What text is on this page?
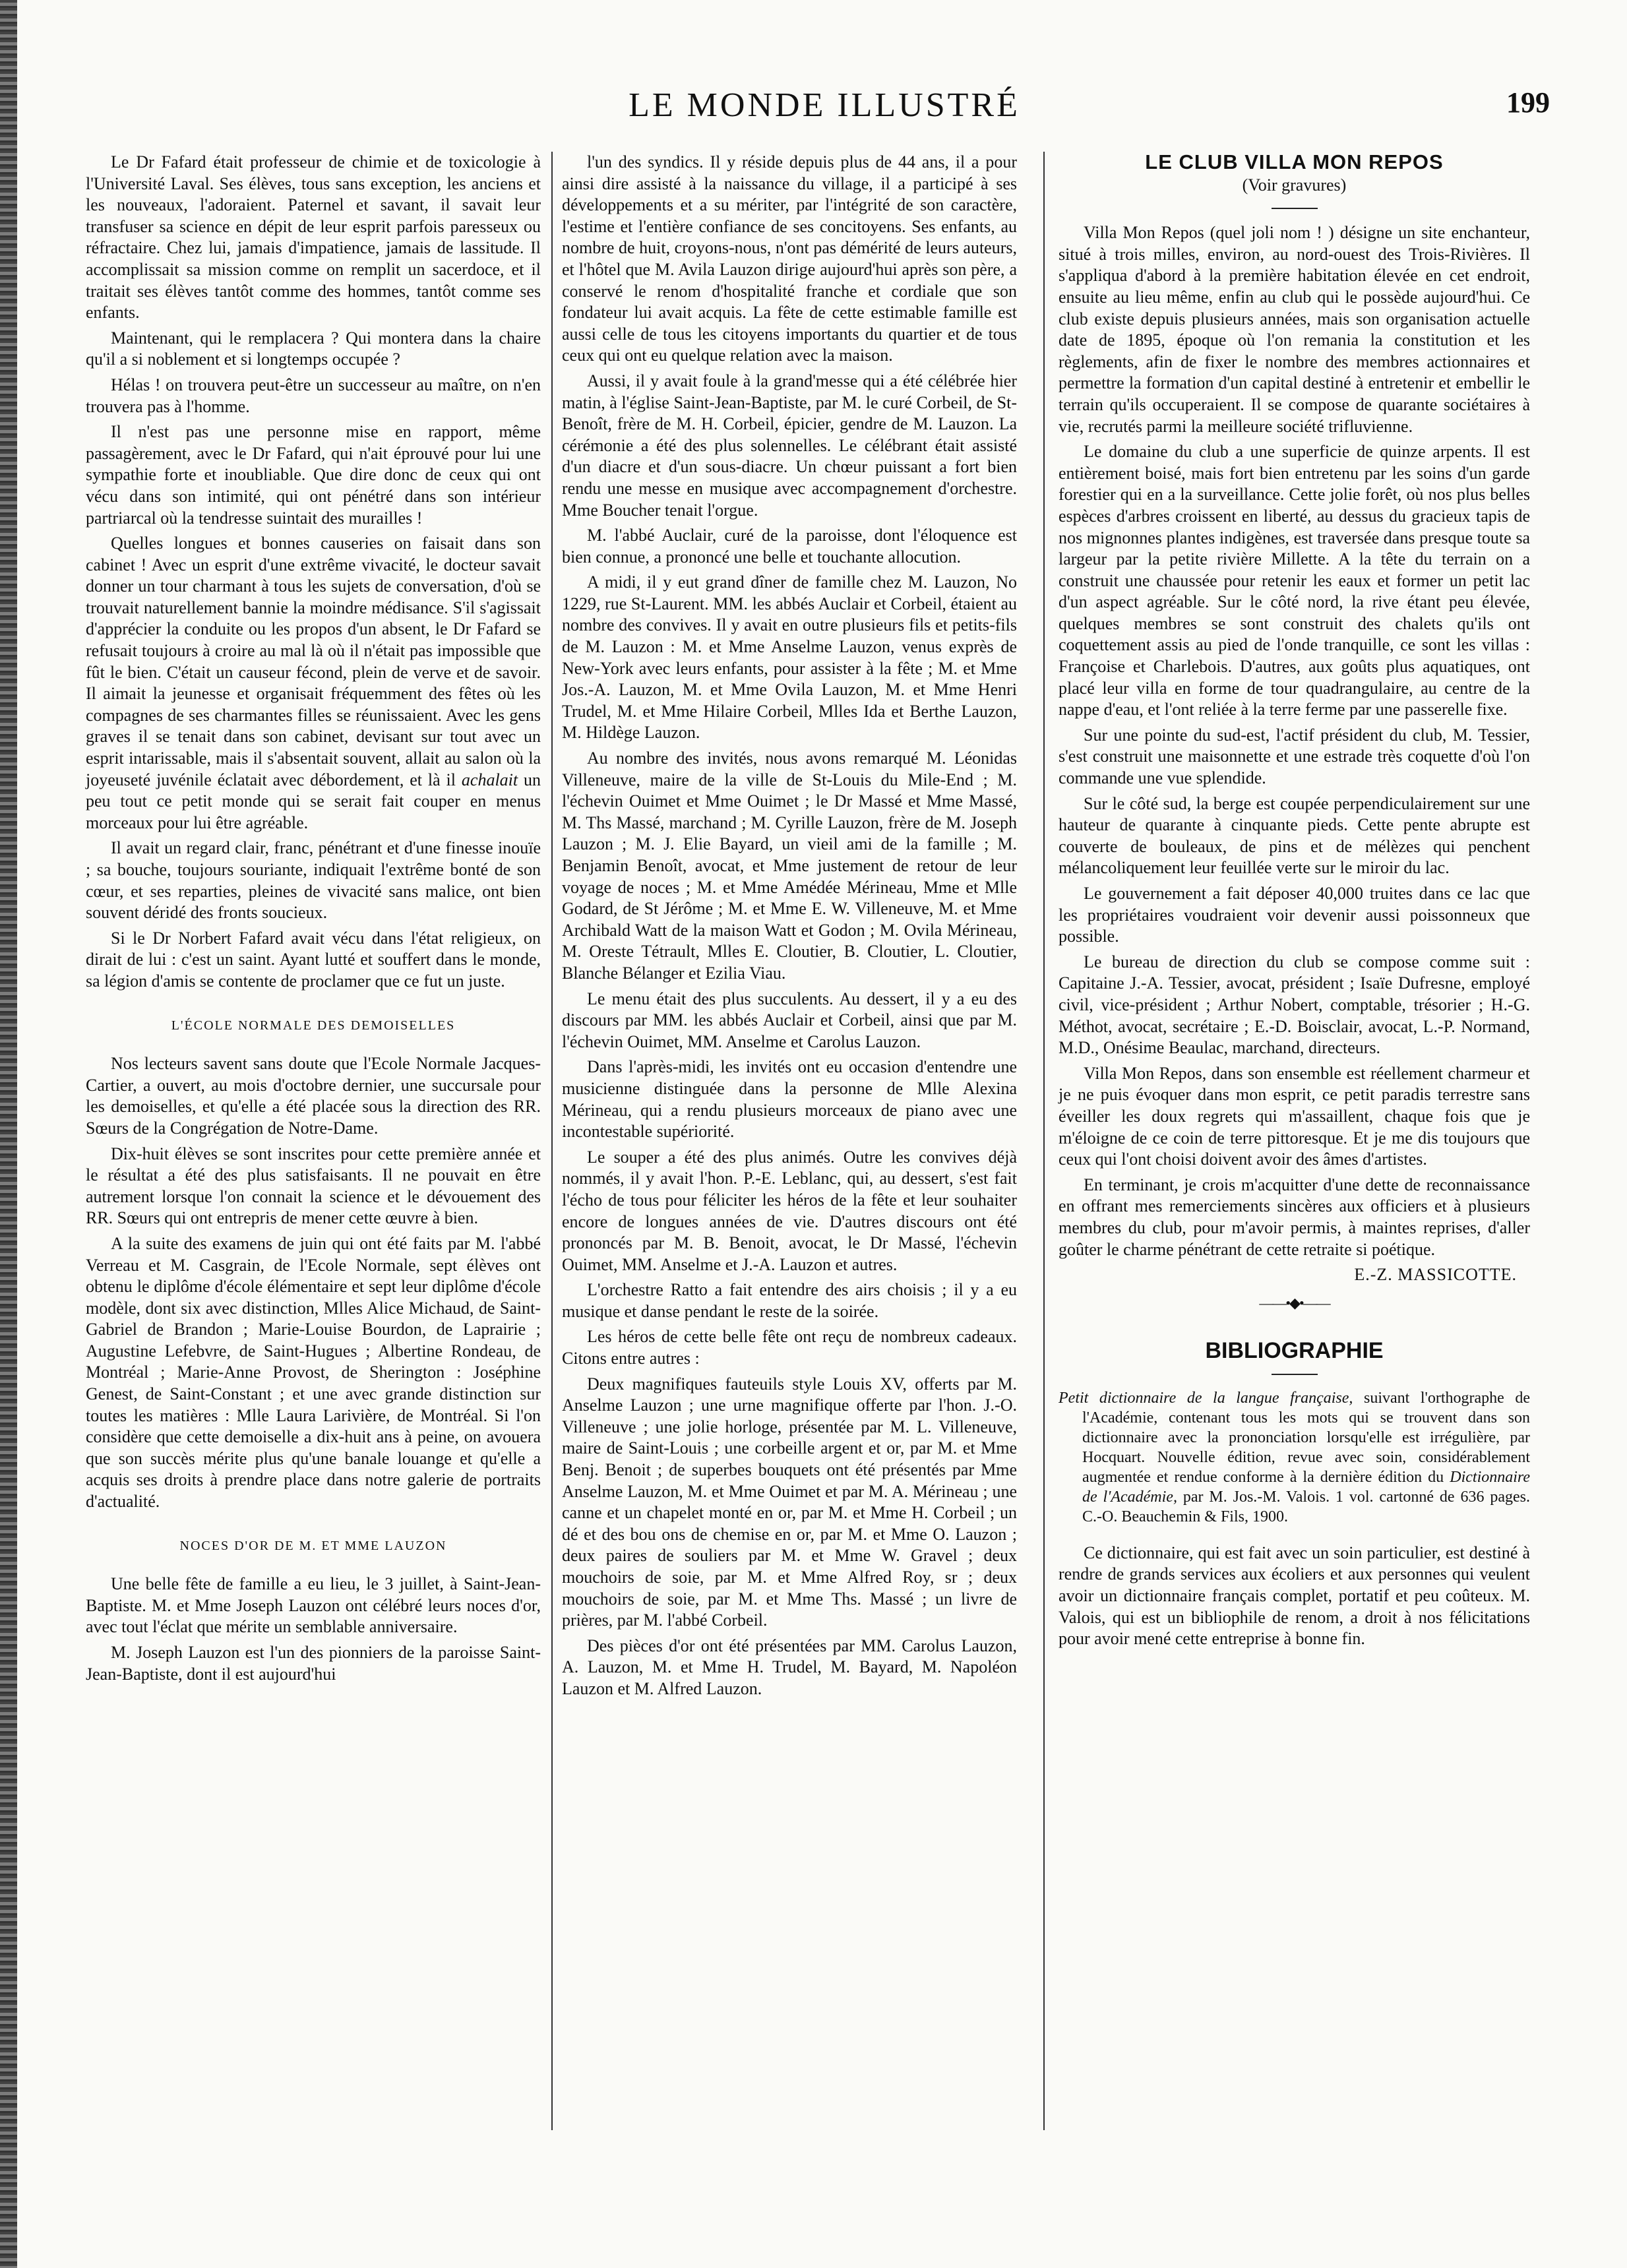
LE MONDE ILLUSTRÉ	199

Le Dr Fafard était professeur de chimie et de toxicologie à l'Université Laval. Ses élèves, tous sans exception, les anciens et les nouveaux, l'adoraient. Paternel et savant, il savait leur transfuser sa science en dépit de leur esprit parfois paresseux ou réfractaire. Chez lui, jamais d'impatience, jamais de lassitude. Il accomplissait sa mission comme on remplit un sacerdoce, et il traitait ses élèves tantôt comme des hommes, tantôt comme ses enfants.

Maintenant, qui le remplacera ? Qui montera dans la chaire qu'il a si noblement et si longtemps occupée ?

Hélas ! on trouvera peut-être un successeur au maître, on n'en trouvera pas à l'homme.

Il n'est pas une personne mise en rapport, même passagèrement, avec le Dr Fafard, qui n'ait éprouvé pour lui une sympathie forte et inoubliable. Que dire donc de ceux qui ont vécu dans son intimité, qui ont pénétré dans son intérieur partriarcal où la tendresse suintait des murailles !

Quelles longues et bonnes causeries on faisait dans son cabinet ! Avec un esprit d'une extrême vivacité, le docteur savait donner un tour charmant à tous les sujets de conversation, d'où se trouvait naturellement bannie la moindre médisance. S'il s'agissait d'apprécier la conduite ou les propos d'un absent, le Dr Fafard se refusait toujours à croire au mal là où il n'était pas impossible que fût le bien. C'était un causeur fécond, plein de verve et de savoir. Il aimait la jeunesse et organisait fréquemment des fêtes où les compagnes de ses charmantes filles se réunissaient. Avec les gens graves il se tenait dans son cabinet, devisant sur tout avec un esprit intarissable, mais il s'absentait souvent, allait au salon où la joyeuseté juvénile éclatait avec débordement, et là il achalait un peu tout ce petit monde qui se serait fait couper en menus morceaux pour lui être agréable.

Il avait un regard clair, franc, pénétrant et d'une finesse inouïe ; sa bouche, toujours souriante, indiquait l'extrême bonté de son cœur, et ses reparties, pleines de vivacité sans malice, ont bien souvent déridé des fronts soucieux.

Si le Dr Norbert Fafard avait vécu dans l'état religieux, on dirait de lui : c'est un saint. Ayant lutté et souffert dans le monde, sa légion d'amis se contente de proclamer que ce fut un juste.

L'ÉCOLE NORMALE DES DEMOISELLES

Nos lecteurs savent sans doute que l'Ecole Normale Jacques-Cartier, a ouvert, au mois d'octobre dernier, une succursale pour les demoiselles, et qu'elle a été placée sous la direction des RR. Sœurs de la Congrégation de Notre-Dame.

Dix-huit élèves se sont inscrites pour cette première année et le résultat a été des plus satisfaisants. Il ne pouvait en être autrement lorsque l'on connait la science et le dévouement des RR. Sœurs qui ont entrepris de mener cette œuvre à bien.

A la suite des examens de juin qui ont été faits par M. l'abbé Verreau et M. Casgrain, de l'Ecole Normale, sept élèves ont obtenu le diplôme d'école élémentaire et sept leur diplôme d'école modèle, dont six avec distinction, Mlles Alice Michaud, de Saint-Gabriel de Brandon ; Marie-Louise Bourdon, de Laprairie ; Augustine Lefebvre, de Saint-Hugues ; Albertine Rondeau, de Montréal ; Marie-Anne Provost, de Sherington : Joséphine Genest, de Saint-Constant ; et une avec grande distinction sur toutes les matières : Mlle Laura Larivière, de Montréal. Si l'on considère que cette demoiselle a dix-huit ans à peine, on avouera que son succès mérite plus qu'une banale louange et qu'elle a acquis ses droits à prendre place dans notre galerie de portraits d'actualité.

NOCES D'OR DE M. ET MME LAUZON

Une belle fête de famille a eu lieu, le 3 juillet, à Saint-Jean-Baptiste. M. et Mme Joseph Lauzon ont célébré leurs noces d'or, avec tout l'éclat que mérite un semblable anniversaire.

M. Joseph Lauzon est l'un des pionniers de la paroisse Saint-Jean-Baptiste, dont il est aujourd'hui

l'un des syndics. Il y réside depuis plus de 44 ans, il a pour ainsi dire assisté à la naissance du village, il a participé à ses développements et a su mériter, par l'intégrité de son caractère, l'estime et l'entière confiance de ses concitoyens. Ses enfants, au nombre de huit, croyons-nous, n'ont pas démérité de leurs auteurs, et l'hôtel que M. Avila Lauzon dirige aujourd'hui après son père, a conservé le renom d'hospitalité franche et cordiale que son fondateur lui avait acquis. La fête de cette estimable famille est aussi celle de tous les citoyens importants du quartier et de tous ceux qui ont eu quelque relation avec la maison.

Aussi, il y avait foule à la grand'messe qui a été célébrée hier matin, à l'église Saint-Jean-Baptiste, par M. le curé Corbeil, de St-Benoît, frère de M. H. Corbeil, épicier, gendre de M. Lauzon. La cérémonie a été des plus solennelles. Le célébrant était assisté d'un diacre et d'un sous-diacre. Un chœur puissant a fort bien rendu une messe en musique avec accompagnement d'orchestre. Mme Boucher tenait l'orgue.

M. l'abbé Auclair, curé de la paroisse, dont l'éloquence est bien connue, a prononcé une belle et touchante allocution.

A midi, il y eut grand dîner de famille chez M. Lauzon, No 1229, rue St-Laurent. MM. les abbés Auclair et Corbeil, étaient au nombre des convives. Il y avait en outre plusieurs fils et petits-fils de M. Lauzon : M. et Mme Anselme Lauzon, venus exprès de New-York avec leurs enfants, pour assister à la fête ; M. et Mme Jos.-A. Lauzon, M. et Mme Ovila Lauzon, M. et Mme Henri Trudel, M. et Mme Hilaire Corbeil, Mlles Ida et Berthe Lauzon, M. Hildège Lauzon.

Au nombre des invités, nous avons remarqué M. Léonidas Villeneuve, maire de la ville de St-Louis du Mile-End ; M. l'échevin Ouimet et Mme Ouimet ; le Dr Massé et Mme Massé, M. Ths Massé, marchand ; M. Cyrille Lauzon, frère de M. Joseph Lauzon ; M. J. Elie Bayard, un vieil ami de la famille ; M. Benjamin Benoît, avocat, et Mme justement de retour de leur voyage de noces ; M. et Mme Amédée Mérineau, Mme et Mlle Godard, de St Jérôme ; M. et Mme E. W. Villeneuve, M. et Mme Archibald Watt de la maison Watt et Godon ; M. Ovila Mérineau, M. Oreste Tétrault, Mlles E. Cloutier, B. Cloutier, L. Cloutier, Blanche Bélanger et Ezilia Viau.

Le menu était des plus succulents. Au dessert, il y a eu des discours par MM. les abbés Auclair et Corbeil, ainsi que par M. l'échevin Ouimet, MM. Anselme et Carolus Lauzon.

Dans l'après-midi, les invités ont eu occasion d'entendre une musicienne distinguée dans la personne de Mlle Alexina Mérineau, qui a rendu plusieurs morceaux de piano avec une incontestable supériorité.

Le souper a été des plus animés. Outre les convives déjà nommés, il y avait l'hon. P.-E. Leblanc, qui, au dessert, s'est fait l'écho de tous pour féliciter les héros de la fête et leur souhaiter encore de longues années de vie. D'autres discours ont été prononcés par M. B. Benoit, avocat, le Dr Massé, l'échevin Ouimet, MM. Anselme et J.-A. Lauzon et autres.

L'orchestre Ratto a fait entendre des airs choisis ; il y a eu musique et danse pendant le reste de la soirée.

Les héros de cette belle fête ont reçu de nombreux cadeaux. Citons entre autres :

Deux magnifiques fauteuils style Louis XV, offerts par M. Anselme Lauzon ; une urne magnifique offerte par l'hon. J.-O. Villeneuve ; une jolie horloge, présentée par M. L. Villeneuve, maire de Saint-Louis ; une corbeille argent et or, par M. et Mme Benj. Benoit ; de superbes bouquets ont été présentés par Mme Anselme Lauzon, M. et Mme Ouimet et par M. A. Mérineau ; une canne et un chapelet monté en or, par M. et Mme H. Corbeil ; un dé et des bou ons de chemise en or, par M. et Mme O. Lauzon ; deux paires de souliers par M. et Mme W. Gravel ; deux mouchoirs de soie, par M. et Mme Alfred Roy, sr ; deux mouchoirs de soie, par M. et Mme Ths. Massé ; un livre de prières, par M. l'abbé Corbeil.

Des pièces d'or ont été présentées par MM. Carolus Lauzon, A. Lauzon, M. et Mme H. Trudel, M. Bayard, M. Napoléon Lauzon et M. Alfred Lauzon.

LE CLUB VILLA MON REPOS
(Voir gravures)

Villa Mon Repos (quel joli nom ! ) désigne un site enchanteur, situé à trois milles, environ, au nord-ouest des Trois-Rivières. Il s'appliqua d'abord à la première habitation élevée en cet endroit, ensuite au lieu même, enfin au club qui le possède aujourd'hui. Ce club existe depuis plusieurs années, mais son organisation actuelle date de 1895, époque où l'on remania la constitution et les règlements, afin de fixer le nombre des membres actionnaires et permettre la formation d'un capital destiné à entretenir et embellir le terrain qu'ils occuperaient. Il se compose de quarante sociétaires à vie, recrutés parmi la meilleure société trifluvienne.

Le domaine du club a une superficie de quinze arpents. Il est entièrement boisé, mais fort bien entretenu par les soins d'un garde forestier qui en a la surveillance. Cette jolie forêt, où nos plus belles espèces d'arbres croissent en liberté, au dessus du gracieux tapis de nos mignonnes plantes indigènes, est traversée dans presque toute sa largeur par la petite rivière Millette. A la tête du terrain on a construit une chaussée pour retenir les eaux et former un petit lac d'un aspect agréable. Sur le côté nord, la rive étant peu élevée, quelques membres se sont construit des chalets qu'ils ont coquettement assis au pied de l'onde tranquille, ce sont les villas : Françoise et Charlebois. D'autres, aux goûts plus aquatiques, ont placé leur villa en forme de tour quadrangulaire, au centre de la nappe d'eau, et l'ont reliée à la terre ferme par une passerelle fixe.

Sur une pointe du sud-est, l'actif président du club, M. Tessier, s'est construit une maisonnette et une estrade très coquette d'où l'on commande une vue splendide.

Sur le côté sud, la berge est coupée perpendiculairement sur une hauteur de quarante à cinquante pieds. Cette pente abrupte est couverte de bouleaux, de pins et de mélèzes qui penchent mélancoliquement leur feuillée verte sur le miroir du lac.

Le gouvernement a fait déposer 40,000 truites dans ce lac que les propriétaires voudraient voir devenir aussi poissonneux que possible.

Le bureau de direction du club se compose comme suit : Capitaine J.-A. Tessier, avocat, président ; Isaïe Dufresne, employé civil, vice-président ; Arthur Nobert, comptable, trésorier ; H.-G. Méthot, avocat, secrétaire ; E.-D. Boisclair, avocat, L.-P. Normand, M.D., Onésime Beaulac, marchand, directeurs.

Villa Mon Repos, dans son ensemble est réellement charmeur et je ne puis évoquer dans mon esprit, ce petit paradis terrestre sans éveiller les doux regrets qui m'assaillent, chaque fois que je m'éloigne de ce coin de terre pittoresque. Et je me dis toujours que ceux qui l'ont choisi doivent avoir des âmes d'artistes.

En terminant, je crois m'acquitter d'une dette de reconnaissance en offrant mes remerciements sincères aux officiers et à plusieurs membres du club, pour m'avoir permis, à maintes reprises, d'aller goûter le charme pénétrant de cette retraite si poétique.

E.-Z. MASSICOTTE.
——•◆•——
BIBLIOGRAPHIE

Petit dictionnaire de la langue française, suivant l'orthographe de l'Académie, contenant tous les mots qui se trouvent dans son dictionnaire avec la prononciation lorsqu'elle est irrégulière, par Hocquart. Nouvelle édition, revue avec soin, considérablement augmentée et rendue conforme à la dernière édition du Dictionnaire de l'Académie, par M. Jos.-M. Valois. 1 vol. cartonné de 636 pages. C.-O. Beauchemin & Fils, 1900.

Ce dictionnaire, qui est fait avec un soin particulier, est destiné à rendre de grands services aux écoliers et aux personnes qui veulent avoir un dictionnaire français complet, portatif et peu coûteux. M. Valois, qui est un bibliophile de renom, a droit à nos félicitations pour avoir mené cette entreprise à bonne fin.
